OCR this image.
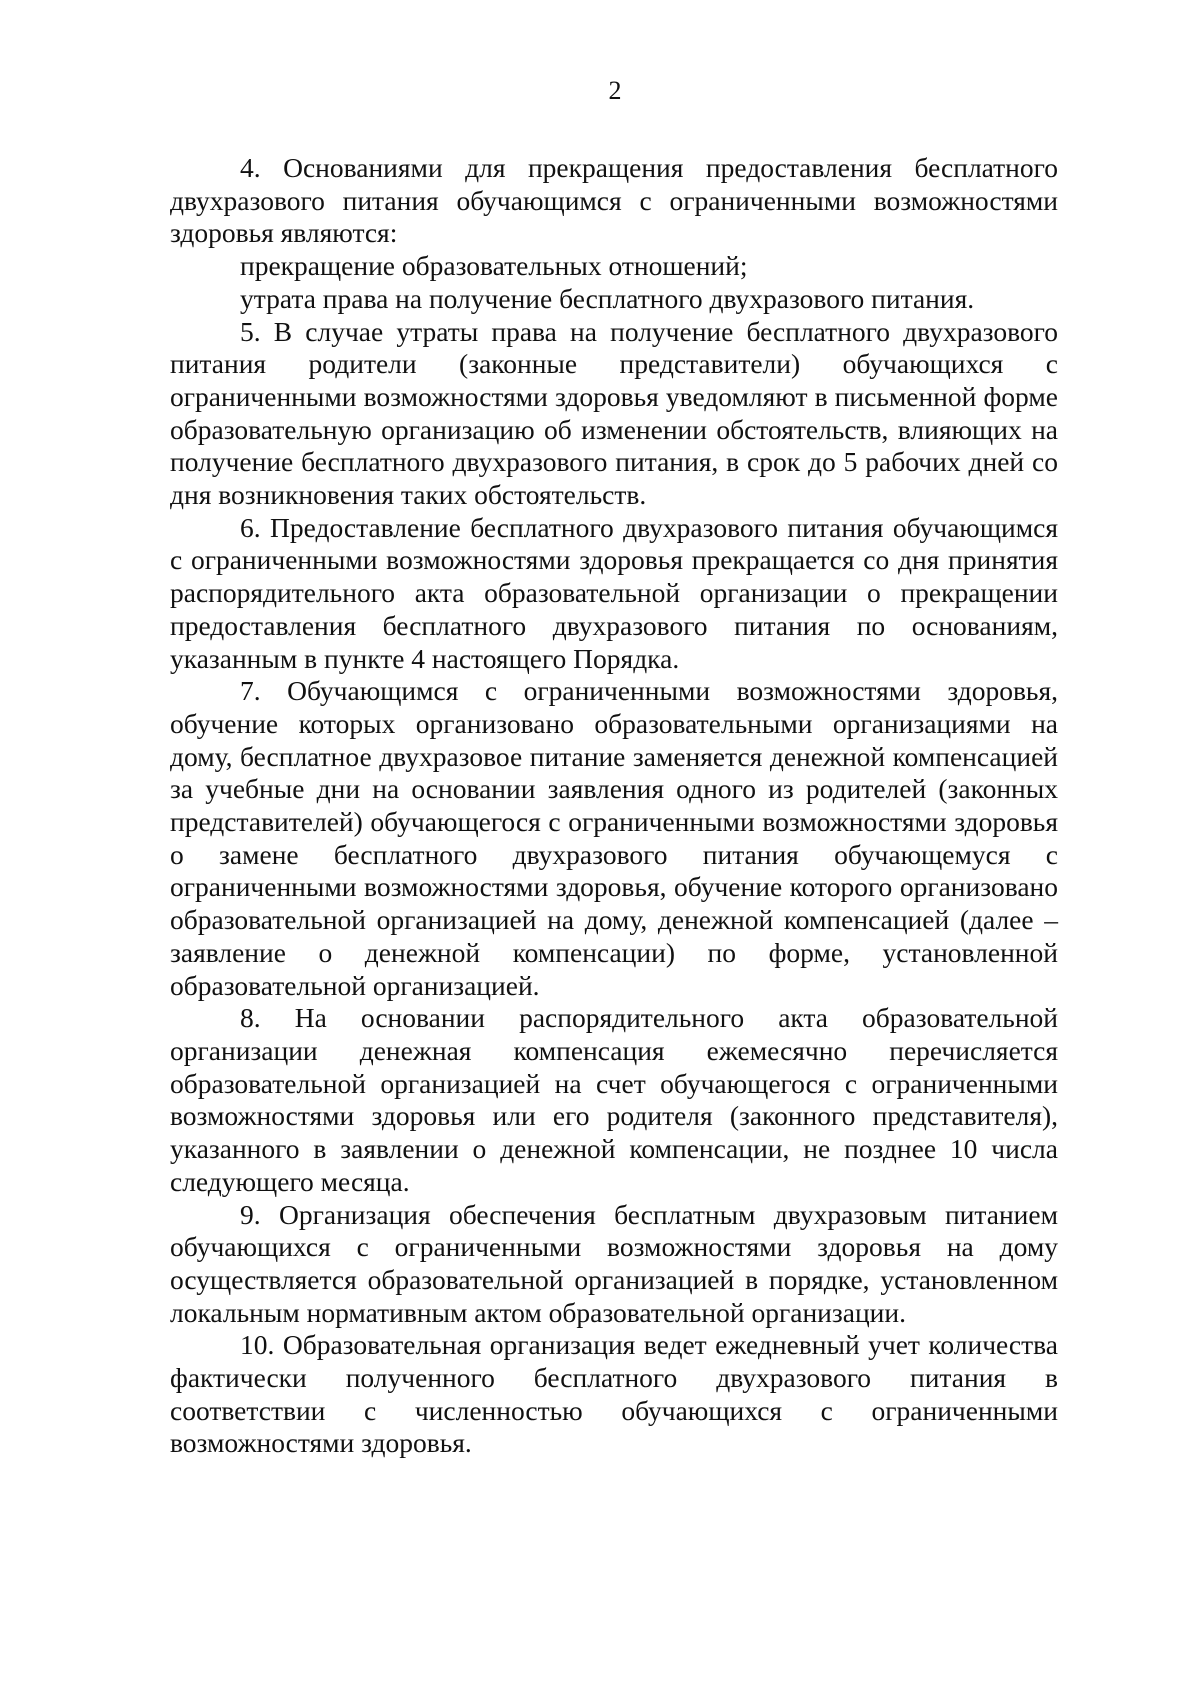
2

4. Основаниями для прекращения предоставления бесплатного двухразового питания обучающимся с ограниченными возможностями здоровья являются:

прекращение образовательных отношений;

утрата права на получение бесплатного двухразового питания.

5. В случае утраты права на получение бесплатного двухразового питания родители (законные представители) обучающихся с ограниченными возможностями здоровья уведомляют в письменной форме образовательную организацию об изменении обстоятельств, влияющих на получение бесплатного двухразового питания, в срок до 5 рабочих дней со дня возникновения таких обстоятельств.

6. Предоставление бесплатного двухразового питания обучающимся с ограниченными возможностями здоровья прекращается со дня принятия распорядительного акта образовательной организации о прекращении предоставления бесплатного двухразового питания по основаниям, указанным в пункте 4 настоящего Порядка.

7. Обучающимся с ограниченными возможностями здоровья, обучение которых организовано образовательными организациями на дому, бесплатное двухразовое питание заменяется денежной компенсацией за учебные дни на основании заявления одного из родителей (законных представителей) обучающегося с ограниченными возможностями здоровья о замене бесплатного двухразового питания обучающемуся с ограниченными возможностями здоровья, обучение которого организовано образовательной организацией на дому, денежной компенсацией (далее – заявление о денежной компенсации) по форме, установленной образовательной организацией.

8. На основании распорядительного акта образовательной организации денежная компенсация ежемесячно перечисляется образовательной организацией на счет обучающегося с ограниченными возможностями здоровья или его родителя (законного представителя), указанного в заявлении о денежной компенсации, не позднее 10 числа следующего месяца.

9. Организация обеспечения бесплатным двухразовым питанием обучающихся с ограниченными возможностями здоровья на дому осуществляется образовательной организацией в порядке, установленном локальным нормативным актом образовательной организации.

10. Образовательная организация ведет ежедневный учет количества фактически полученного бесплатного двухразового питания в соответствии с численностью обучающихся с ограниченными возможностями здоровья.
